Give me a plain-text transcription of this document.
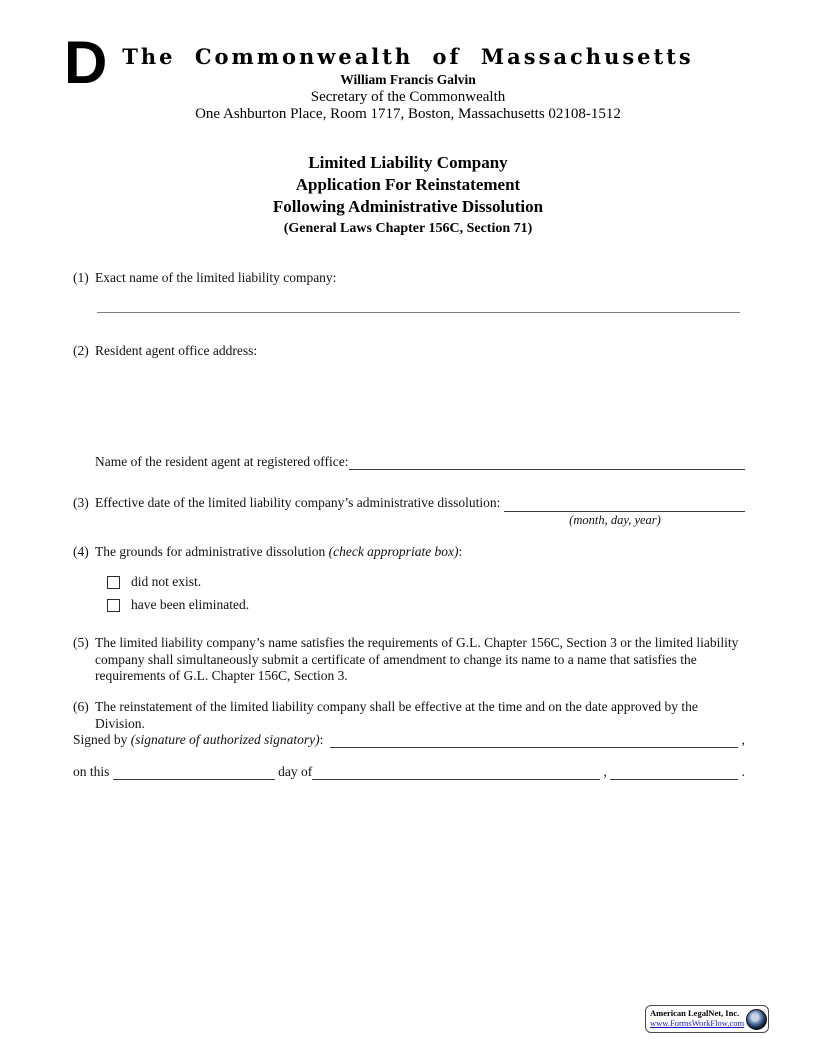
D The Commonwealth of Massachusetts
William Francis Galvin
Secretary of the Commonwealth
One Ashburton Place, Room 1717, Boston, Massachusetts 02108-1512
Limited Liability Company
Application For Reinstatement
Following Administrative Dissolution
(General Laws Chapter 156C, Section 71)
(1) Exact name of the limited liability company:
(2) Resident agent office address:
Name of the resident agent at registered office:
(3) Effective date of the limited liability company’s administrative dissolution:
(month, day, year)
(4) The grounds for administrative dissolution (check appropriate box):
did not exist.
have been eliminated.
(5) The limited liability company’s name satisfies the requirements of G.L. Chapter 156C, Section 3 or the limited liability company shall simultaneously submit a certificate of amendment to change its name to a name that satisfies the requirements of G.L. Chapter 156C, Section 3.
(6) The reinstatement of the limited liability company shall be effective at the time and on the date approved by the Division.
Signed by (signature of authorized signatory) :	,
on this	day of	,	.
American LegalNet, Inc.
www.FormsWorkFlow.com
